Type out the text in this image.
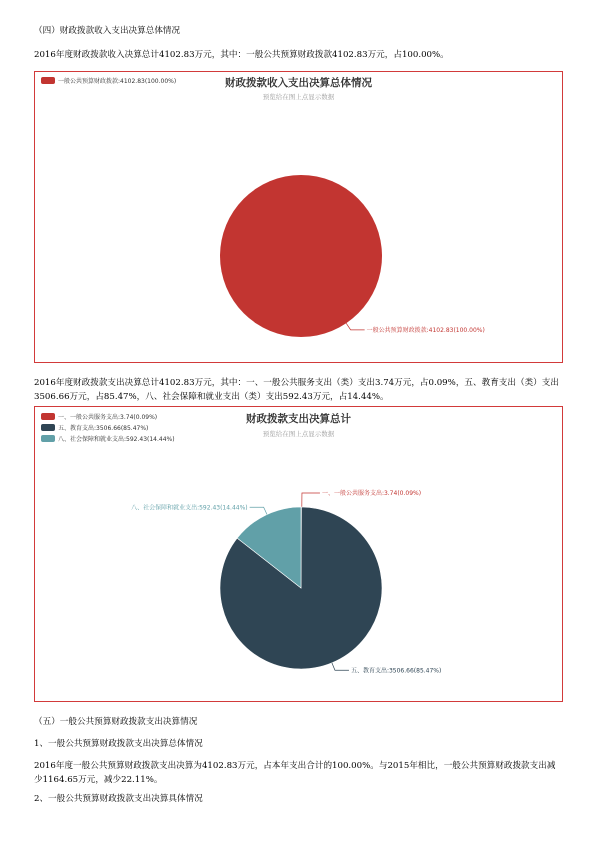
（四）财政拨款收入支出决算总体情况
2016年度财政拨款收入决算总计4102.83万元，其中：一般公共预算财政拨款4102.83万元，占100.00%。
财政拨款收入支出决算总体情况
预览给在图上点显示数据
一般公共预算财政拨款:4102.83(100.00%)
一般公共预算财政拨款:4102.83(100.00%)
2016年度财政拨款支出决算总计4102.83万元，其中：一、一般公共服务支出（类）支出3.74万元，占0.09%，五、教育支出（类）支出3506.66万元，占85.47%，八、社会保障和就业支出（类）支出592.43万元，占14.44%。
财政拨款支出决算总计
预览给在图上点显示数据
一、一般公共服务支出:3.74(0.09%)
五、教育支出:3506.66(85.47%)
八、社会保障和就业支出:592.43(14.44%)
一、一般公共服务支出:3.74(0.09%)
五、教育支出:3506.66(85.47%)
八、社会保障和就业支出:592.43(14.44%)
（五）一般公共预算财政拨款支出决算情况
1、一般公共预算财政拨款支出决算总体情况
2016年度一般公共预算财政拨款支出决算为4102.83万元，占本年支出合计的100.00%。与2015年相比，一般公共预算财政拨款支出减少1164.65万元，减少22.11%。
2、一般公共预算财政拨款支出决算具体情况
